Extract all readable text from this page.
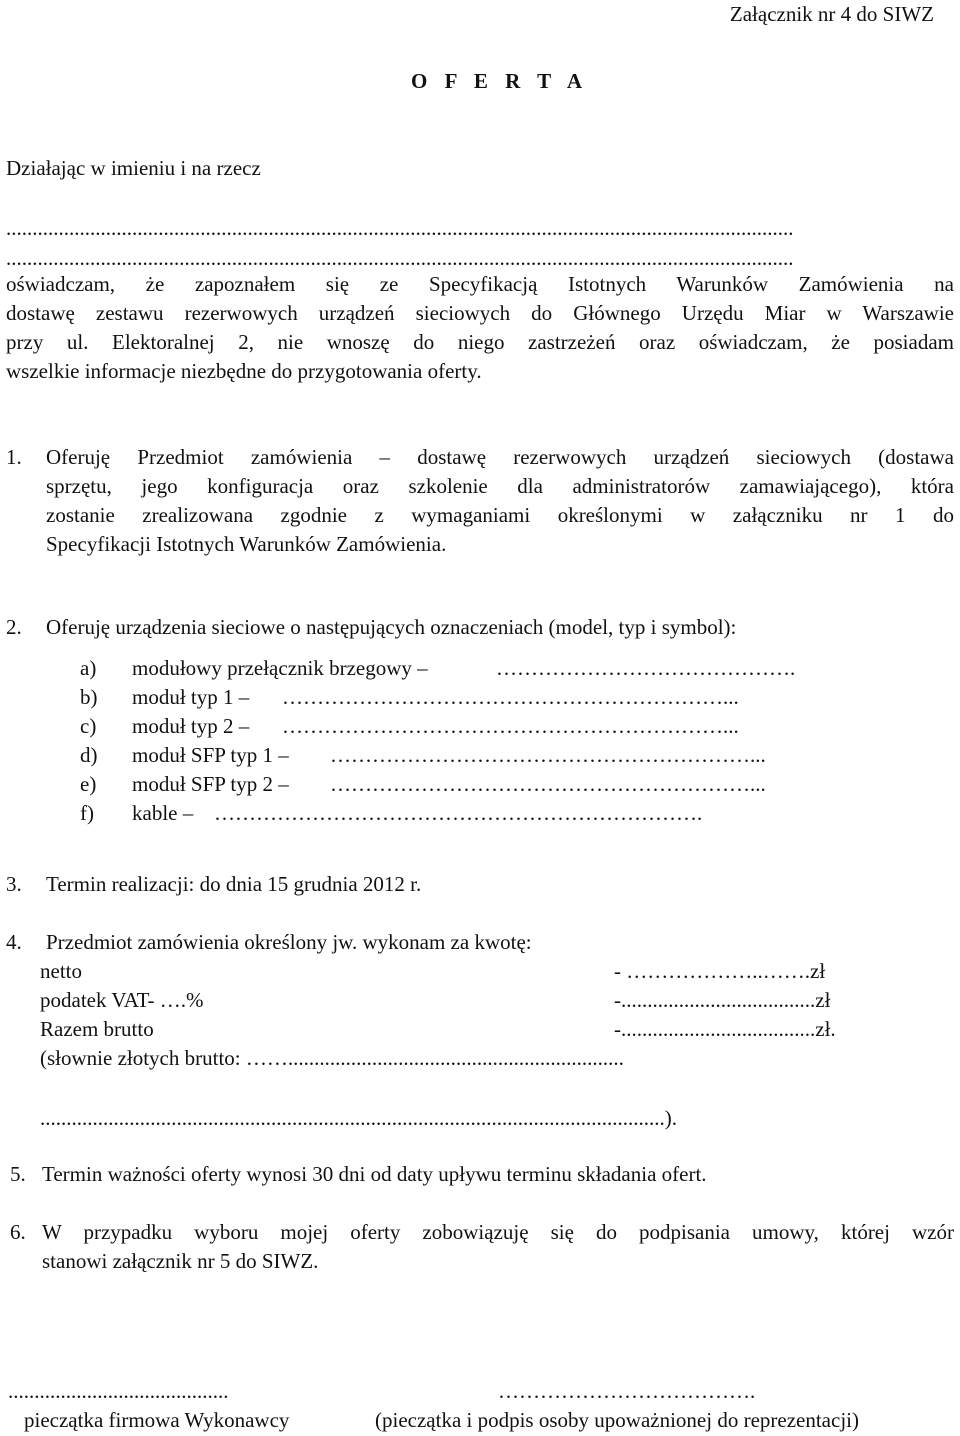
Załącznik nr 4 do SIWZ
O F E R T A
Działając w imieniu i na rzecz
......................................................................................................................................................
......................................................................................................................................................
oświadczam, że zapoznałem się ze Specyfikacją Istotnych Warunków Zamówienia na
dostawę zestawu rezerwowych urządzeń sieciowych do Głównego Urzędu Miar w Warszawie
przy ul. Elektoralnej 2, nie wnoszę do niego zastrzeżeń oraz oświadczam, że posiadam
wszelkie informacje niezbędne do przygotowania oferty.
1. Oferuję Przedmiot zamówienia – dostawę rezerwowych urządzeń sieciowych (dostawa
sprzętu, jego konfiguracja oraz szkolenie dla administratorów zamawiającego), która
zostanie zrealizowana zgodnie z wymaganiami określonymi w załączniku nr 1 do
Specyfikacji Istotnych Warunków Zamówienia.
2. Oferuję urządzenia sieciowe o następujących oznaczeniach (model, typ i symbol):
a) modułowy przełącznik brzegowy –	…………………………………….
b) moduł typ 1 – ………………………………………………………...
c) moduł typ 2 – ………………………………………………………...
d) moduł SFP typ 1 – ……………………………………………………...
e) moduł SFP typ 2 – ……………………………………………………...
f) kable – …………………………………………………………….
3. Termin realizacji: do dnia 15 grudnia 2012 r.
4. Przedmiot zamówienia określony jw. wykonam za kwotę:
netto	- ………………..…….zł
podatek VAT- ….%	-.....................................zł
Razem brutto	-.....................................zł.
(słownie złotych brutto: ……................................................................
.......................................................................................................................).
5. Termin ważności oferty wynosi 30 dni od daty upływu terminu składania ofert.
6. W przypadku wyboru mojej oferty zobowiązuję się do podpisania umowy, której wzór
stanowi załącznik nr 5 do SIWZ.
..........................................	……………………………….
pieczątka firmowa Wykonawcy	(pieczątka i podpis osoby upoważnionej do reprezentacji)
